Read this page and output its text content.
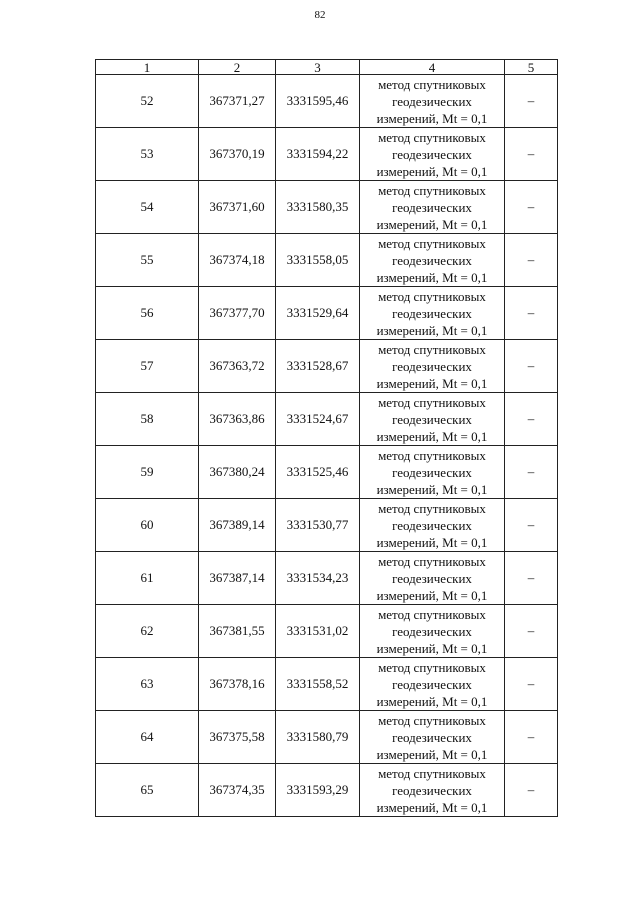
82
1	2	3	4	5
52	367371,27	3331595,46	метод спутниковых
геодезических
измерений, Mt = 0,1	–
53	367370,19	3331594,22	метод спутниковых
геодезических
измерений, Mt = 0,1	–
54	367371,60	3331580,35	метод спутниковых
геодезических
измерений, Mt = 0,1	–
55	367374,18	3331558,05	метод спутниковых
геодезических
измерений, Mt = 0,1	–
56	367377,70	3331529,64	метод спутниковых
геодезических
измерений, Mt = 0,1	–
57	367363,72	3331528,67	метод спутниковых
геодезических
измерений, Mt = 0,1	–
58	367363,86	3331524,67	метод спутниковых
геодезических
измерений, Mt = 0,1	–
59	367380,24	3331525,46	метод спутниковых
геодезических
измерений, Mt = 0,1	–
60	367389,14	3331530,77	метод спутниковых
геодезических
измерений, Mt = 0,1	–
61	367387,14	3331534,23	метод спутниковых
геодезических
измерений, Mt = 0,1	–
62	367381,55	3331531,02	метод спутниковых
геодезических
измерений, Mt = 0,1	–
63	367378,16	3331558,52	метод спутниковых
геодезических
измерений, Mt = 0,1	–
64	367375,58	3331580,79	метод спутниковых
геодезических
измерений, Mt = 0,1	–
65	367374,35	3331593,29	метод спутниковых
геодезических
измерений, Mt = 0,1	–
